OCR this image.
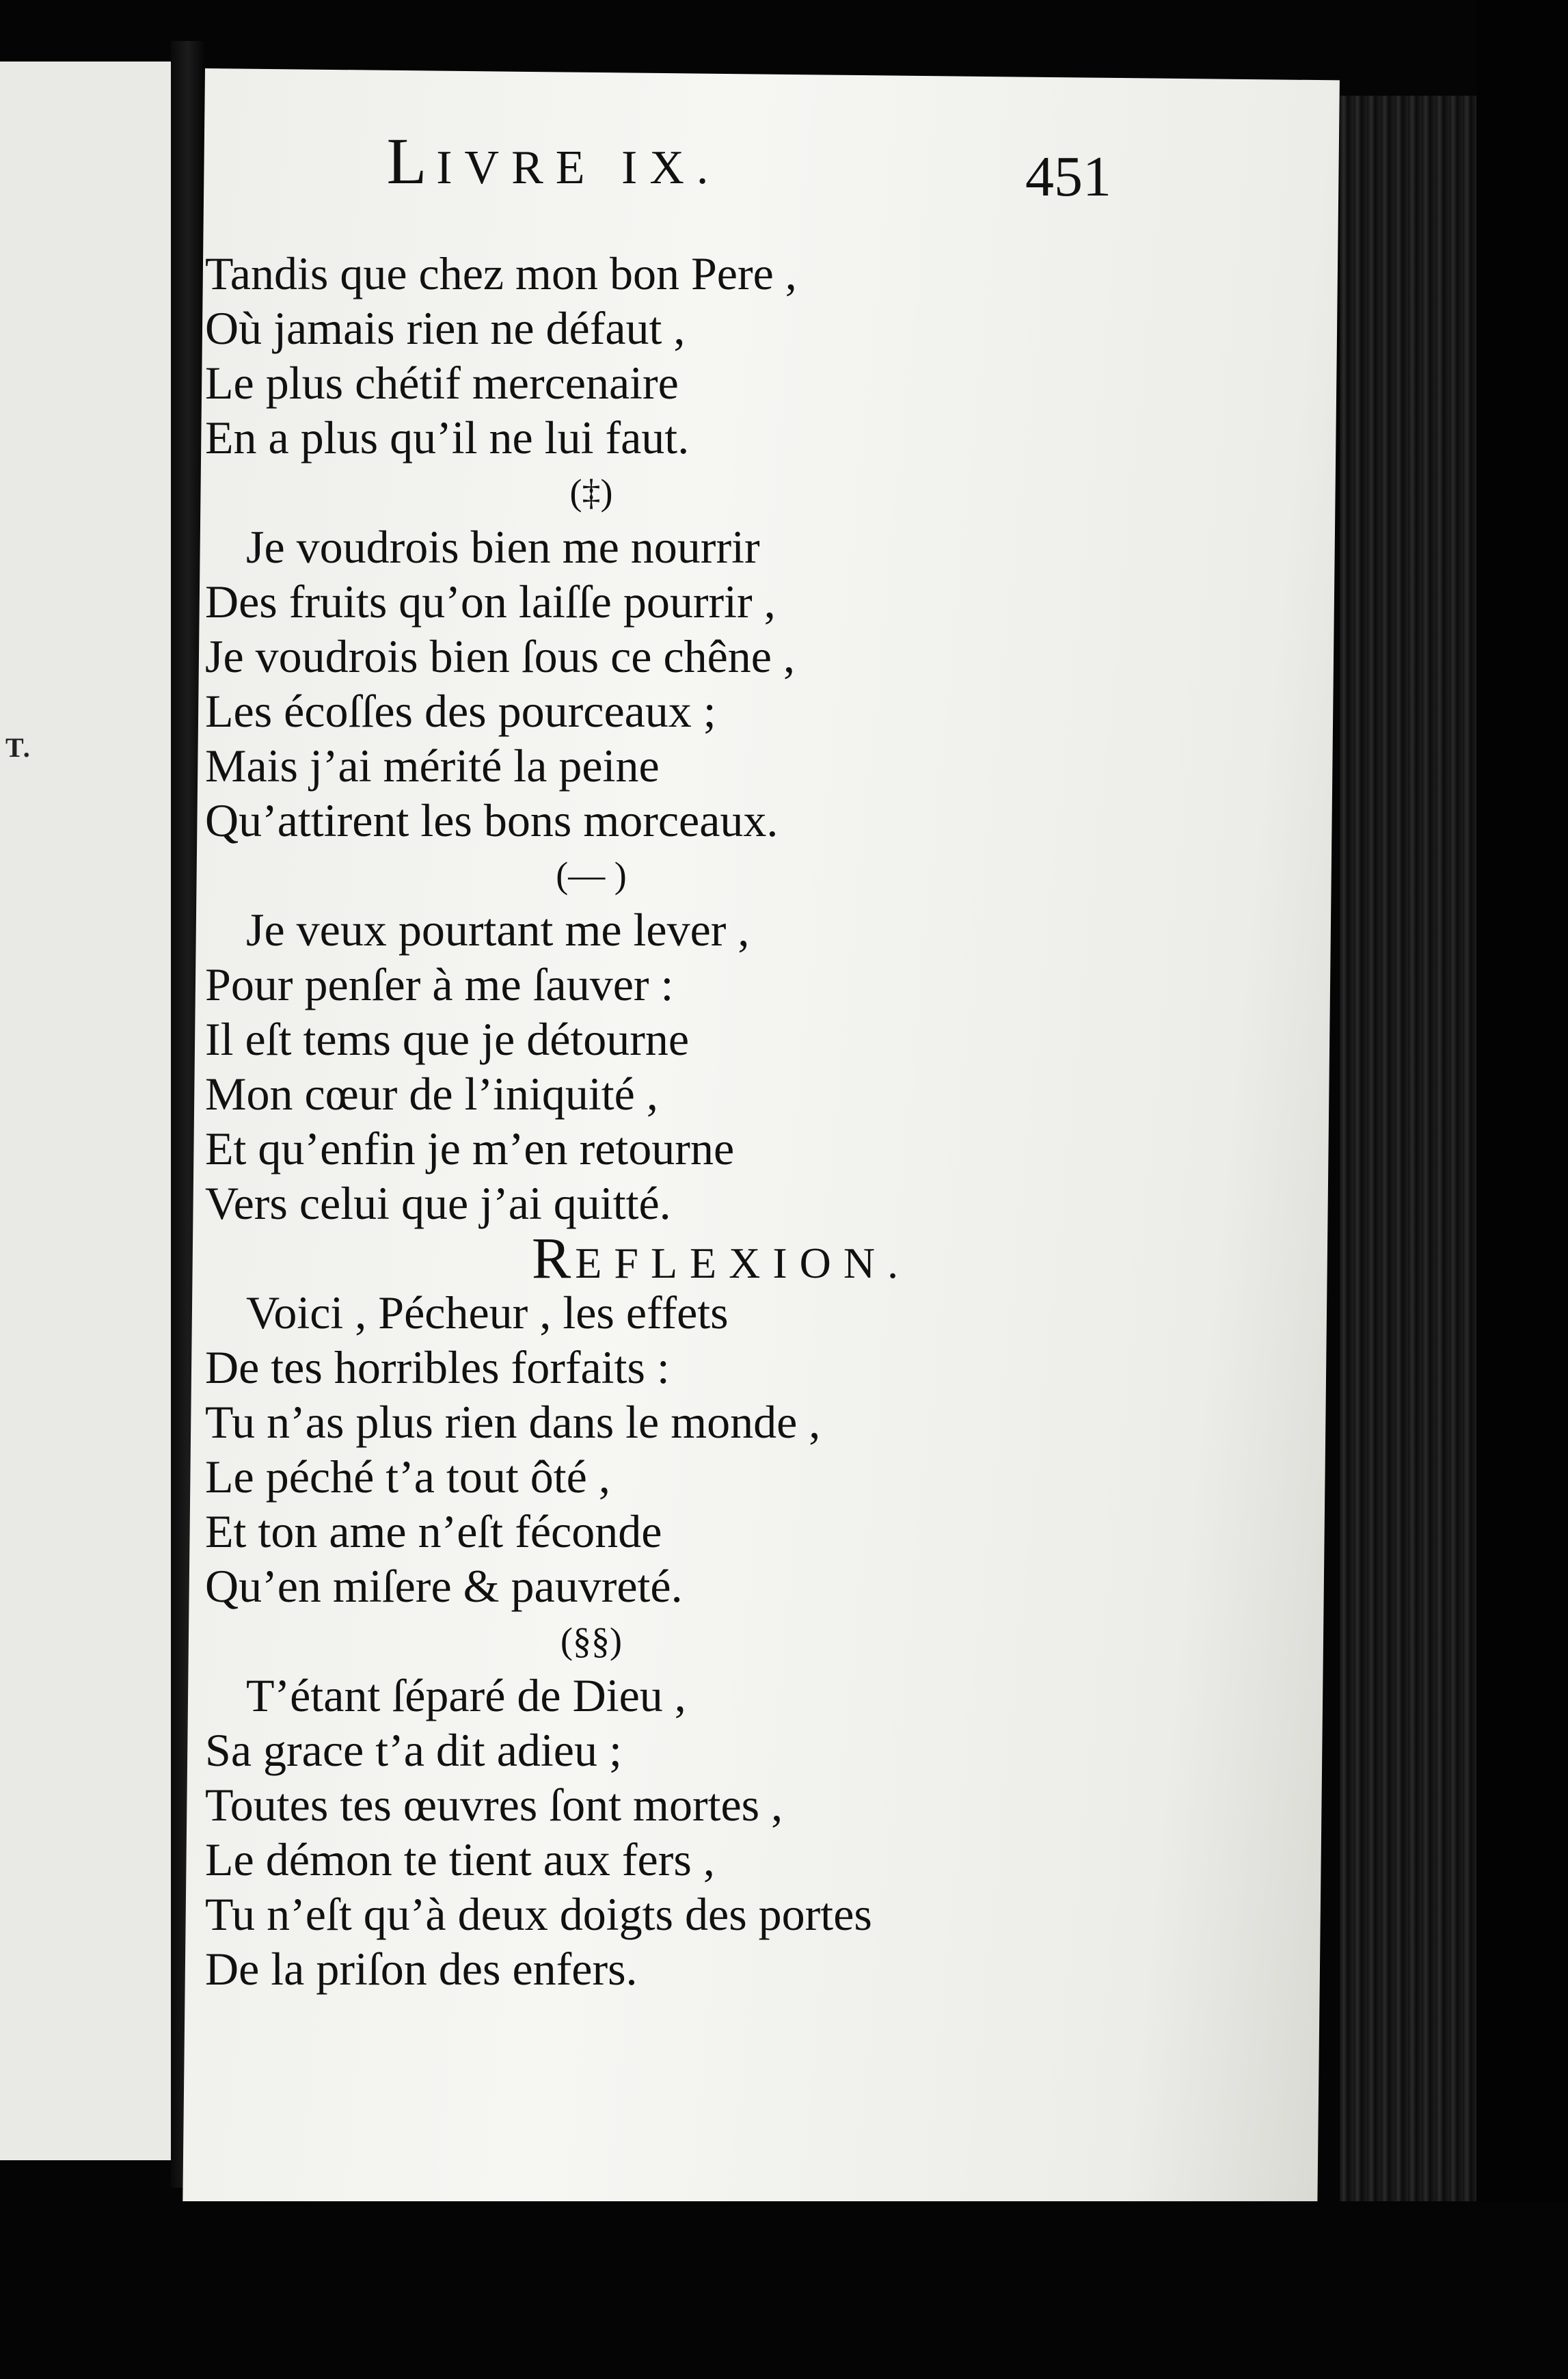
T.
LIVRE IX.	451
Tandis que chez mon bon Pere ,
Où jamais rien ne défaut ,
Le plus chétif mercenaire
En a plus qu’il ne lui faut.
(‡)
Je voudrois bien me nourrir
Des fruits qu’on laiſſe pourrir ,
Je voudrois bien ſous ce chêne ,
Les écoſſes des pourceaux ;
Mais j’ai mérité la peine
Qu’attirent les bons morceaux.
(— )
Je veux pourtant me lever ,
Pour penſer à me ſauver :
Il eſt tems que je détourne
Mon cœur de l’iniquité ,
Et qu’enfin je m’en retourne
Vers celui que j’ai quitté.
REFLEXION.
Voici , Pécheur , les effets
De tes horribles forfaits :
Tu n’as plus rien dans le monde ,
Le péché t’a tout ôté ,
Et ton ame n’eſt féconde
Qu’en miſere & pauvreté.
(§§)
T’étant ſéparé de Dieu ,
Sa grace t’a dit adieu ;
Toutes tes œuvres ſont mortes ,
Le démon te tient aux fers ,
Tu n’eſt qu’à deux doigts des portes
De la priſon des enfers.
